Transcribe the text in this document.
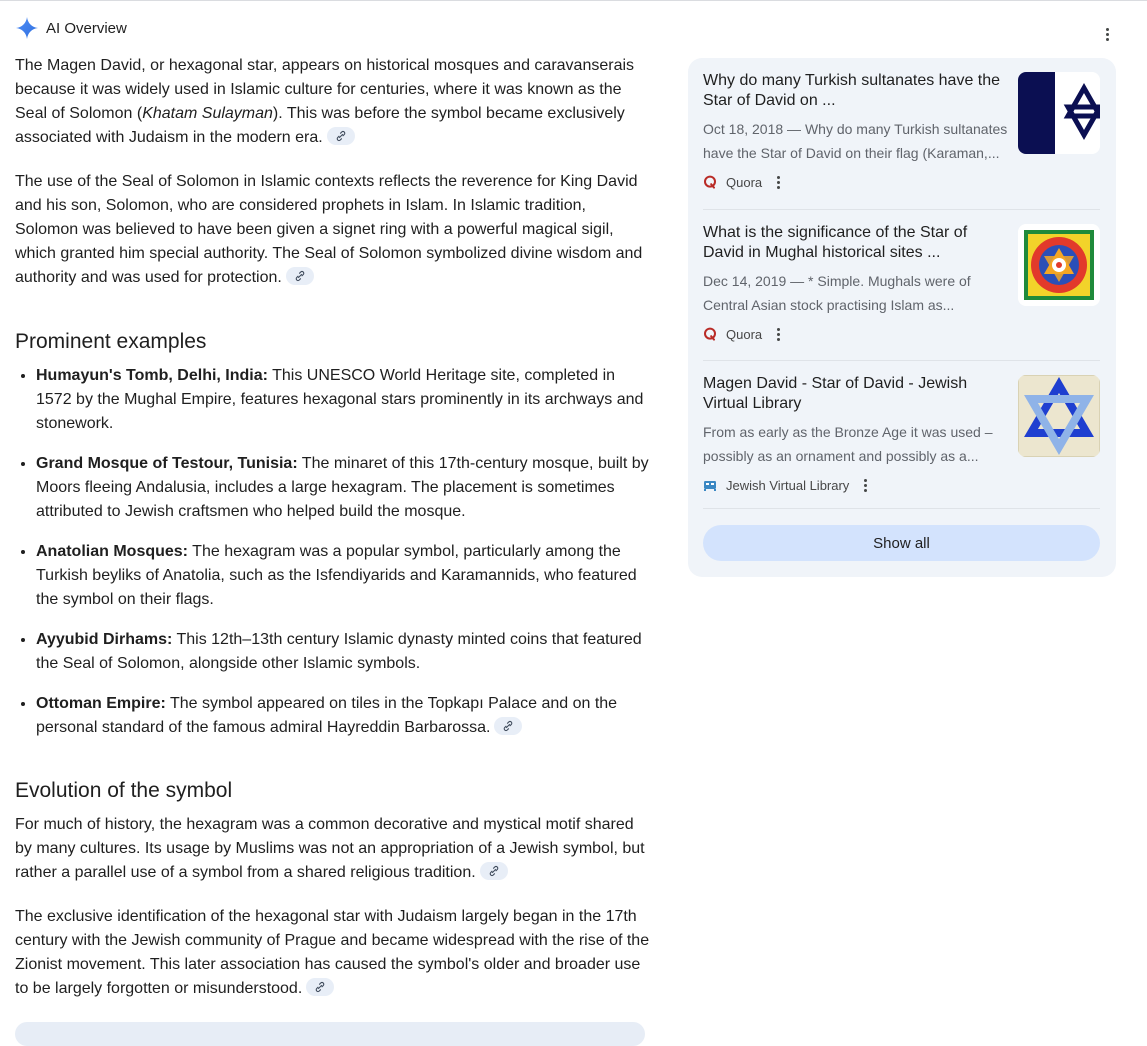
AI Overview

The Magen David, or hexagonal star, appears on historical mosques and caravanserais because it was widely used in Islamic culture for centuries, where it was known as the Seal of Solomon (Khatam Sulayman). This was before the symbol became exclusively associated with Judaism in the modern era.

The use of the Seal of Solomon in Islamic contexts reflects the reverence for King David and his son, Solomon, who are considered prophets in Islam. In Islamic tradition, Solomon was believed to have been given a signet ring with a powerful magical sigil, which granted him special authority. The Seal of Solomon symbolized divine wisdom and authority and was used for protection.

Prominent examples
• Humayun's Tomb, Delhi, India: This UNESCO World Heritage site, completed in 1572 by the Mughal Empire, features hexagonal stars prominently in its archways and stonework.
• Grand Mosque of Testour, Tunisia: The minaret of this 17th-century mosque, built by Moors fleeing Andalusia, includes a large hexagram. The placement is sometimes attributed to Jewish craftsmen who helped build the mosque.
• Anatolian Mosques: The hexagram was a popular symbol, particularly among the Turkish beyliks of Anatolia, such as the Isfendiyarids and Karamannids, who featured the symbol on their flags.
• Ayyubid Dirhams: This 12th–13th century Islamic dynasty minted coins that featured the Seal of Solomon, alongside other Islamic symbols.
• Ottoman Empire: The symbol appeared on tiles in the Topkapı Palace and on the personal standard of the famous admiral Hayreddin Barbarossa.
Evolution of the symbol

For much of history, the hexagram was a common decorative and mystical motif shared by many cultures. Its usage by Muslims was not an appropriation of a Jewish symbol, but rather a parallel use of a symbol from a shared religious tradition.

The exclusive identification of the hexagonal star with Judaism largely began in the 17th century with the Jewish community of Prague and became widespread with the rise of the Zionist movement. This later association has caused the symbol's older and broader use to be largely forgotten or misunderstood.

Why do many Turkish sultanates have the Star of David on ...
Oct 18, 2018 — Why do many Turkish sultanates have the Star of David on their flag (Karaman,...
Quora
What is the significance of the Star of David in Mughal historical sites ...
Dec 14, 2019 — * Simple. Mughals were of Central Asian stock practising Islam as...
Quora
Magen David - Star of David - Jewish Virtual Library
From as early as the Bronze Age it was used – possibly as an ornament and possibly as a...
Jewish Virtual Library
Show all
